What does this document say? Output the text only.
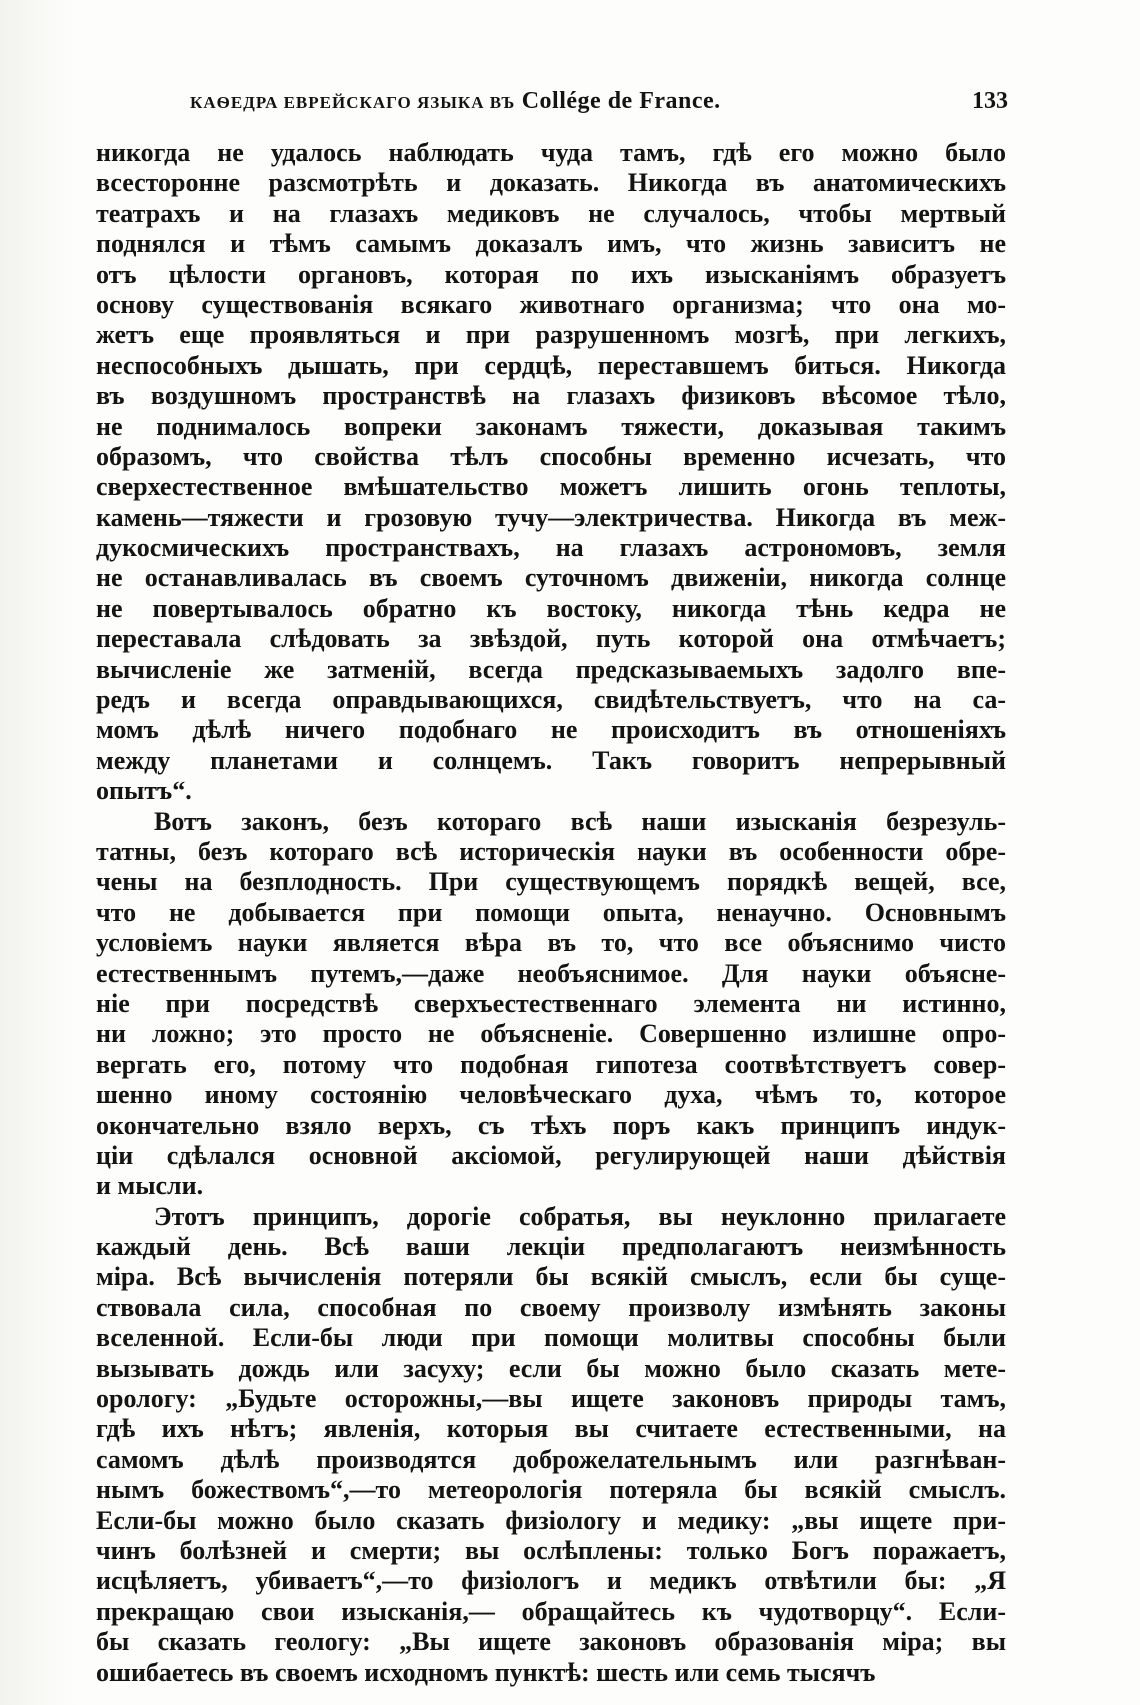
КАѲЕДРА ЕВРЕЙСКАГО ЯЗЫКА ВЪ Collége de France.	133
никогда не удалось наблюдать чуда тамъ, гдѣ его можно было
всесторонне разсмотрѣть и доказать. Никогда въ анатомическихъ
театрахъ и на глазахъ медиковъ не случалось, чтобы мертвый
поднялся и тѣмъ самымъ доказалъ имъ, что жизнь зависитъ не
отъ цѣлости органовъ, которая по ихъ изысканіямъ образуетъ
основу существованія всякаго животнаго организма; что она мо-
жетъ еще проявляться и при разрушенномъ мозгѣ, при легкихъ,
неспособныхъ дышать, при сердцѣ, переставшемъ биться. Никогда
въ воздушномъ пространствѣ на глазахъ физиковъ вѣсомое тѣло,
не поднималось вопреки законамъ тяжести, доказывая такимъ
образомъ, что свойства тѣлъ способны временно исчезать, что
сверхестественное вмѣшательство можетъ лишить огонь теплоты,
камень—тяжести и грозовую тучу—электричества. Никогда въ меж-
дукосмическихъ пространствахъ, на глазахъ астрономовъ, земля
не останавливалась въ своемъ суточномъ движеніи, никогда солнце
не повертывалось обратно къ востоку, никогда тѣнь кедра не
переставала слѣдовать за звѣздой, путь которой она отмѣчаетъ;
вычисленіе же затменій, всегда предсказываемыхъ задолго впе-
редъ и всегда оправдывающихся, свидѣтельствуетъ, что на са-
момъ дѣлѣ ничего подобнаго не происходитъ въ отношеніяхъ
между планетами и солнцемъ. Такъ говоритъ непрерывный
опытъ“.
Вотъ законъ, безъ котораго всѣ наши изысканія безрезуль-
татны, безъ котораго всѣ историческія науки въ особенности обре-
чены на безплодность. При существующемъ порядкѣ вещей, все,
что не добывается при помощи опыта, ненаучно. Основнымъ
условіемъ науки является вѣра въ то, что все объяснимо чисто
естественнымъ путемъ,—даже необъяснимое. Для науки объясне-
ніе при посредствѣ сверхъестественнаго элемента ни истинно,
ни ложно; это просто не объясненіе. Совершенно излишне опро-
вергать его, потому что подобная гипотеза соотвѣтствуетъ совер-
шенно иному состоянію человѣческаго духа, чѣмъ то, которое
окончательно взяло верхъ, съ тѣхъ поръ какъ принципъ индук-
ціи сдѣлался основной аксіомой, регулирующей наши дѣйствія
и мысли.
Этотъ принципъ, дорогіе собратья, вы неуклонно прилагаете
каждый день. Всѣ ваши лекціи предполагаютъ неизмѣнность
міра. Всѣ вычисленія потеряли бы всякій смыслъ, если бы суще-
ствовала сила, способная по своему произволу измѣнять законы
вселенной. Если-бы люди при помощи молитвы способны были
вызывать дождь или засуху; если бы можно было сказать мете-
орологу: „Будьте осторожны,—вы ищете законовъ природы тамъ,
гдѣ ихъ нѣтъ; явленія, которыя вы считаете естественными, на
самомъ дѣлѣ производятся доброжелательнымъ или разгнѣван-
нымъ божествомъ“,—то метеорологія потеряла бы всякій смыслъ.
Если-бы можно было сказать физіологу и медику: „вы ищете при-
чинъ болѣзней и смерти; вы ослѣплены: только Богъ поражаетъ,
исцѣляетъ, убиваетъ“,—то физіологъ и медикъ отвѣтили бы: „Я
прекращаю свои изысканія,— обращайтесь къ чудотворцу“. Если-
бы сказать геологу: „Вы ищете законовъ образованія міра; вы
ошибаетесь въ своемъ исходномъ пунктѣ: шесть или семь тысячъ
